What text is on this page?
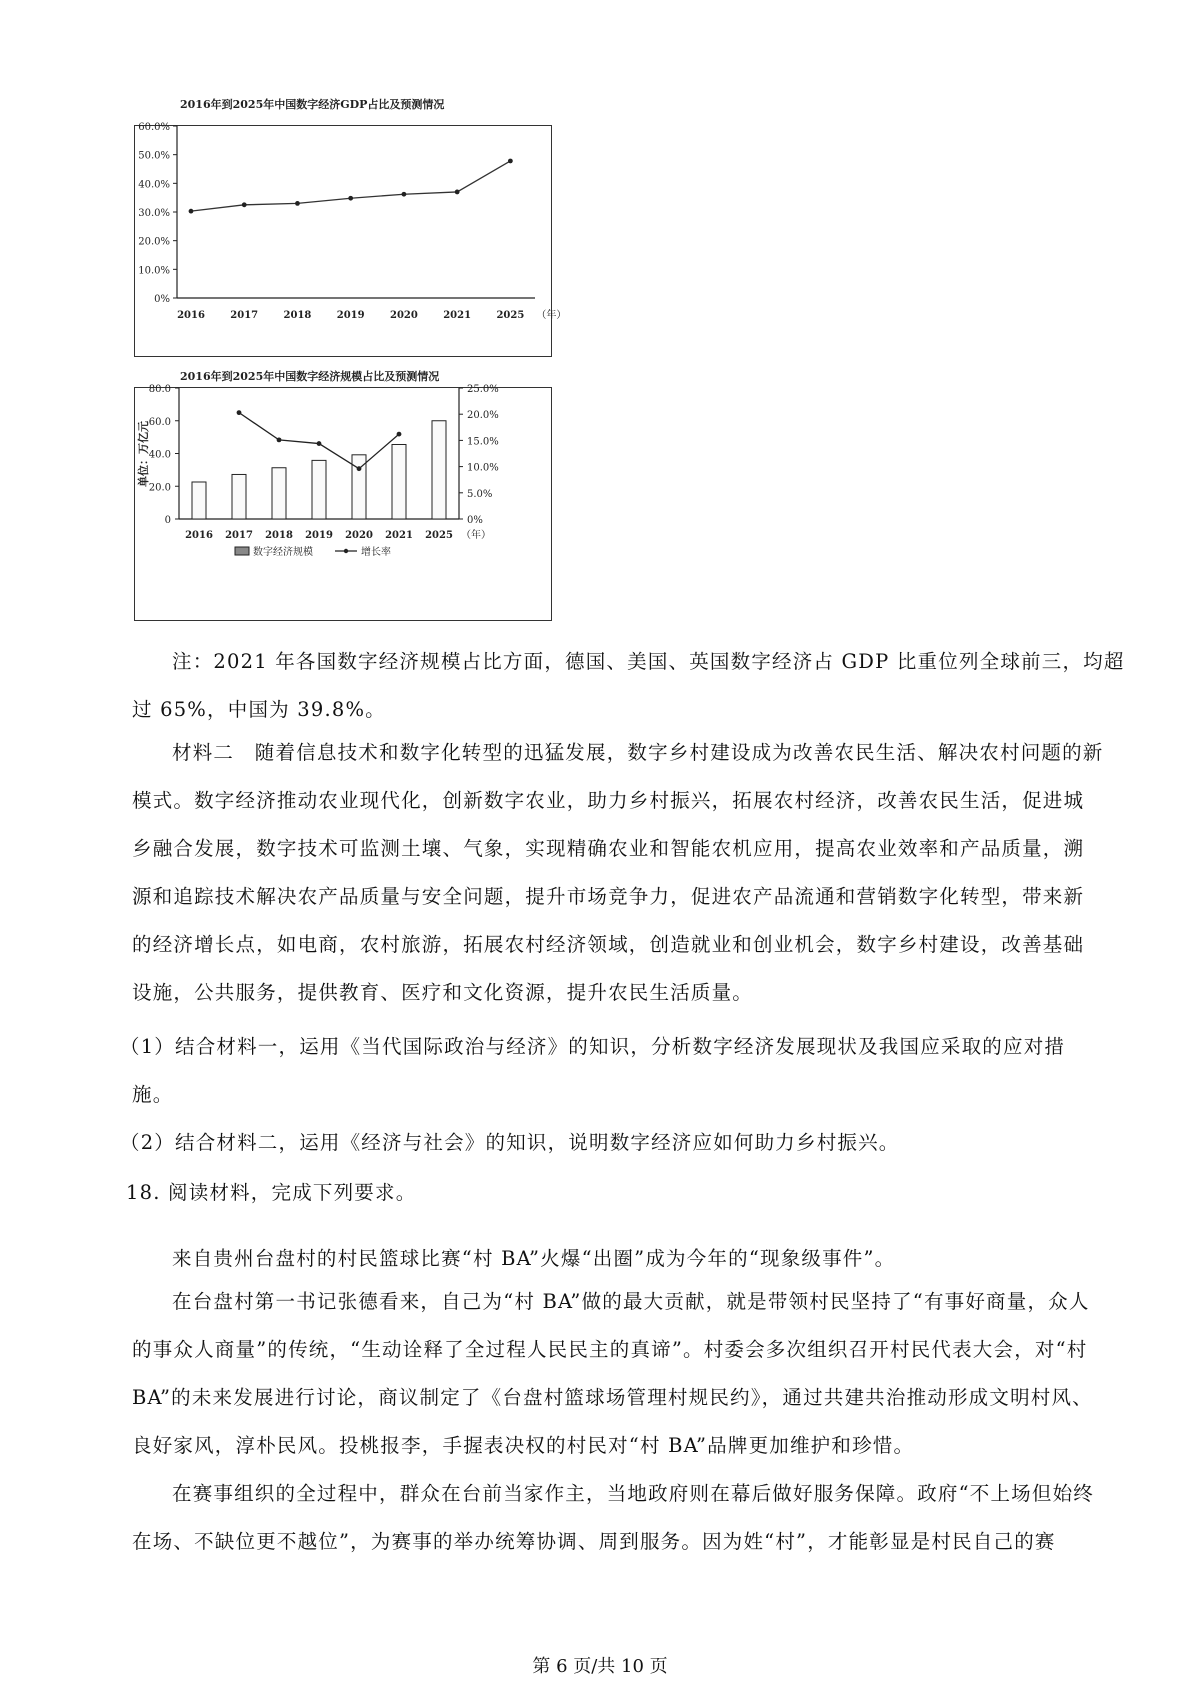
60.0%
50.0%
40.0%
30.0%
20.0%
10.0%
0%
2016	2017	2018	2019	2020	2021	2025 （年）
2016年到2025年中国数字经济GDP占比及预测情况
80.0
60.0
40.0
20.0
0
25.0%
20.0%
15.0%
10.0%
5.0%
0%
单位：万亿元
2016 2017 2018 2019 2020 2021 2025 （年）
数字经济规模	增长率
2016年到2025年中国数字经济规模占比及预测情况

注：2021 年各国数字经济规模占比方面，德国、美国、英国数字经济占 GDP 比重位列全球前三，均超

过 65%，中国为 39.8%。

材料二　随着信息技术和数字化转型的迅猛发展，数字乡村建设成为改善农民生活、解决农村问题的新模式。数字经济推动农业现代化，创新数字农业，助力乡村振兴，拓展农村经济，改善农民生活，促进城乡融合发展，数字技术可监测土壤、气象，实现精确农业和智能农机应用，提高农业效率和产品质量，溯源和追踪技术解决农产品质量与安全问题，提升市场竞争力，促进农产品流通和营销数字化转型，带来新的经济增长点，如电商，农村旅游，拓展农村经济领域，创造就业和创业机会，数字乡村建设，改善基础设施，公共服务，提供教育、医疗和文化资源，提升农民生活质量。

（1）结合材料一，运用《当代国际政治与经济》的知识，分析数字经济发展现状及我国应采取的应对措

施。

（2）结合材料二，运用《经济与社会》的知识，说明数字经济应如何助力乡村振兴。

18. 阅读材料，完成下列要求。

来自贵州台盘村的村民篮球比赛“村 BA”火爆“出圈”成为今年的“现象级事件”。

在台盘村第一书记张德看来，自己为“村 BA”做的最大贡献，就是带领村民坚持了“有事好商量，众人的事众人商量”的传统，“生动诠释了全过程人民民主的真谛”。村委会多次组织召开村民代表大会，对“村 BA”的未来发展进行讨论，商议制定了《台盘村篮球场管理村规民约》，通过共建共治推动形成文明村风、良好家风，淳朴民风。投桃报李，手握表决权的村民对“村 BA”品牌更加维护和珍惜。

在赛事组织的全过程中，群众在台前当家作主，当地政府则在幕后做好服务保障。政府“不上场但始终在场、不缺位更不越位”，为赛事的举办统筹协调、周到服务。因为姓“村”，才能彰显是村民自己的赛

第 6 页/共 10 页
